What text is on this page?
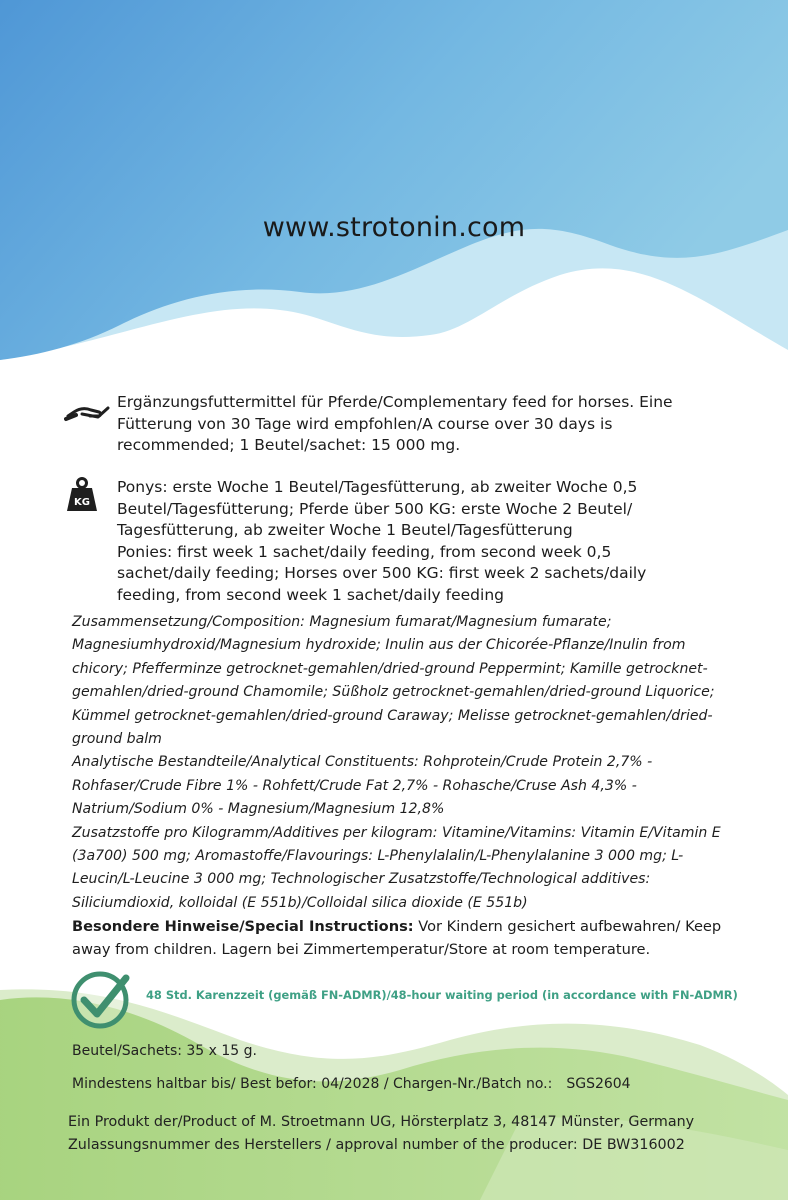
www.strotonin.com
Ergänzungsfuttermittel für Pferde/Complementary feed for horses. Eine Fütterung von 30 Tage wird empfohlen/A course over 30 days is recommended; 1 Beutel/sachet: 15 000 mg.
KG
Ponys: erste Woche 1 Beutel/Tagesfütterung, ab zweiter Woche 0,5
Beutel/Tagesfütterung; Pferde über 500 KG: erste Woche 2 Beutel/
Tagesfütterung, ab zweiter Woche 1 Beutel/Tagesfütterung
Ponies: first week 1 sachet/daily feeding, from second week 0,5
sachet/daily feeding; Horses over 500 KG: first week 2 sachets/daily
feeding, from second week 1 sachet/daily feeding

Zusammensetzung/Composition: Magnesium fumarat/Magnesium fumarate; Magnesiumhydroxid/Magnesium hydroxide; Inulin aus der Chicorée-Pflanze/Inulin from chicory; Pfefferminze getrocknet-gemahlen/dried-ground Peppermint; Kamille getrocknet-gemahlen/dried-ground Chamomile; Süßholz getrocknet-gemahlen/dried-ground Liquorice; Kümmel getrocknet-gemahlen/dried-ground Caraway; Melisse getrocknet-gemahlen/dried-ground balm

Analytische Bestandteile/Analytical Constituents: Rohprotein/Crude Protein 2,7% - Rohfaser/Crude Fibre 1% - Rohfett/Crude Fat 2,7% - Rohasche/Cruse Ash 4,3% - Natrium/Sodium 0% - Magnesium/Magnesium 12,8%

Zusatzstoffe pro Kilogramm/Additives per kilogram: Vitamine/Vitamins: Vitamin E/Vitamin E (3a700) 500 mg; Aromastoffe/Flavourings: L-Phenylalalin/L-Phenylalanine 3 000 mg; L-Leucin/L-Leucine 3 000 mg; Technologischer Zusatzstoffe/Technological additives: Siliciumdioxid, kolloidal (E 551b)/Colloidal silica dioxide (E 551b)

Besondere Hinweise/Special Instructions: Vor Kindern gesichert aufbewahren/ Keep away from children. Lagern bei Zimmertemperatur/Store at room temperature.
48 Std. Karenzzeit (gemäß FN-ADMR)/48-hour waiting period (in accordance with FN-ADMR)
Beutel/Sachets: 35 x 15 g.
Mindestens haltbar bis/ Best befor: 04/2028 / Chargen-Nr./Batch no.: SGS2604
Ein Produkt der/Product of M. Stroetmann UG, Hörsterplatz 3, 48147 Münster, Germany
Zulassungsnummer des Herstellers / approval number of the producer: DE BW316002
